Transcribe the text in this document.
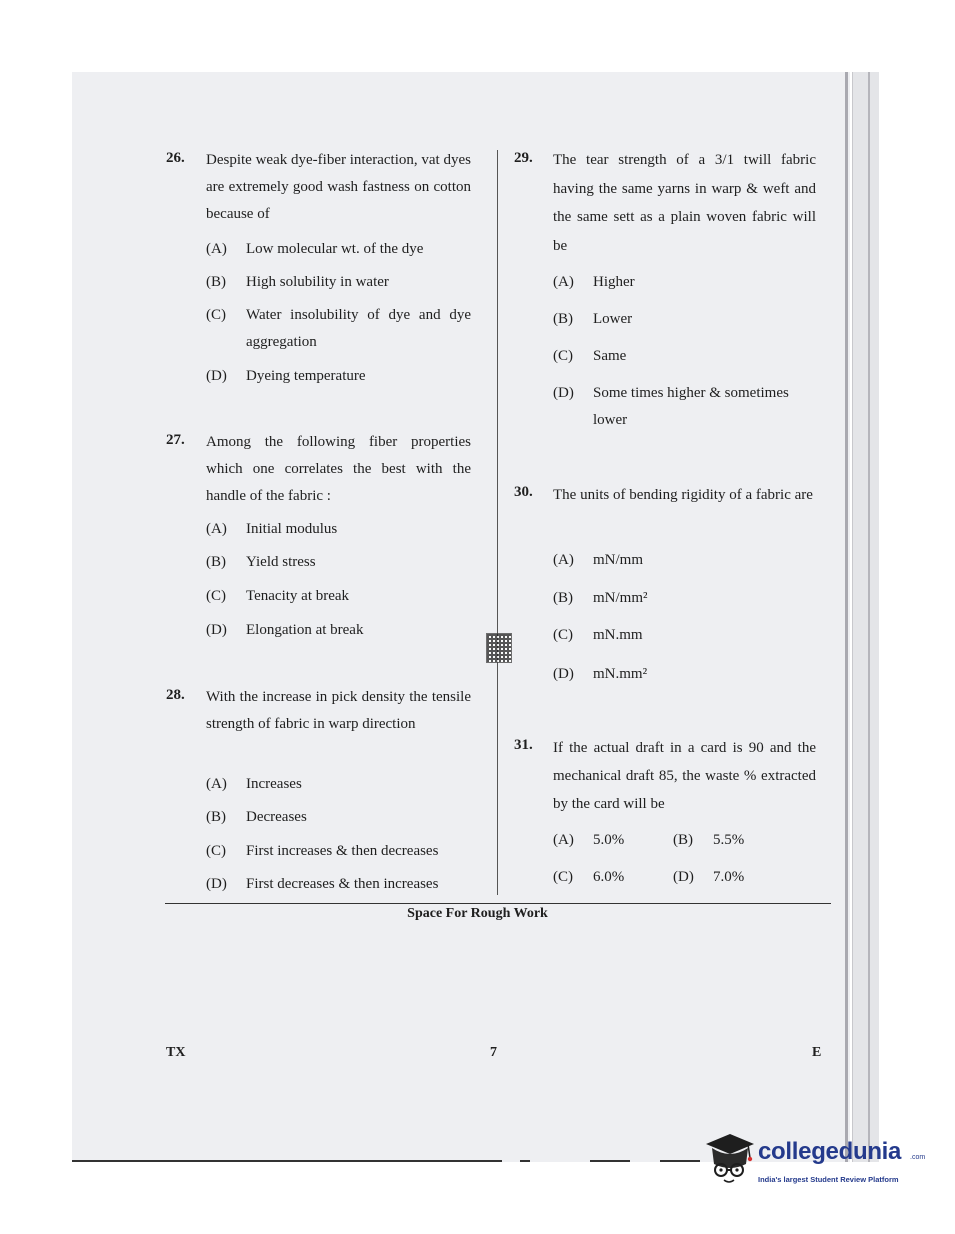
26. Despite weak dye-fiber interaction, vat dyes are extremely good wash fastness on cotton because of
(A)	Low molecular wt. of the dye
(B)	High solubility in water
(C)	Water insolubility of dye and dye aggregation
(D)	Dyeing temperature
27. Among the following fiber properties which one correlates the best with the handle of the fabric :
(A)	Initial modulus
(B)	Yield stress
(C)	Tenacity at break
(D)	Elongation at break
28. With the increase in pick density the tensile strength of fabric in warp direction
(A)	Increases
(B)	Decreases
(C)	First increases & then decreases
(D)	First decreases & then increases
29. The tear strength of a 3/1 twill fabric having the same yarns in warp & weft and the same sett as a plain woven fabric will be
(A)	Higher
(B)	Lower
(C)	Same
(D)	Some times higher & sometimes lower
30. The units of bending rigidity of a fabric are
(A)	mN/mm
(B)	mN/mm²
(C)	mN.mm
(D)	mN.mm²
31. If the actual draft in a card is 90 and the mechanical draft 85, the waste % extracted by the card will be
(A)	5.0%	(B)	5.5%
(C)	6.0%	(D)	7.0%
Space For Rough Work
TX	7	E
collegedunia .com
India's largest Student Review Platform
